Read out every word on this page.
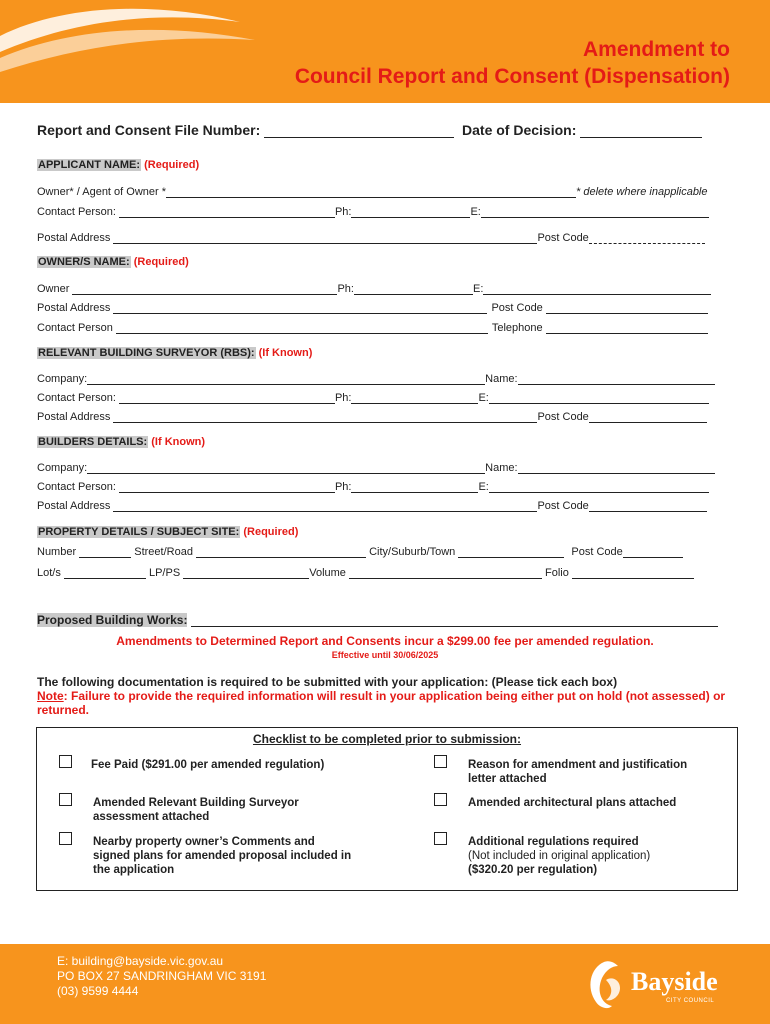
Amendment to
Council Report and Consent (Dispensation)
Report and Consent File Number:	Date of Decision:
APPLICANT NAME: (Required)
Owner* / Agent of Owner *	* delete where inapplicable
Contact Person:	Ph:	E:
Postal Address	Post Code
OWNER/S NAME: (Required)
Owner	Ph:	E:
Postal Address	Post Code
Contact Person	Telephone
RELEVANT BUILDING SURVEYOR (RBS): (If Known)
Company:	Name:
Contact Person:	Ph:	E:
Postal Address	Post Code
BUILDERS DETAILS: (If Known)
Company:	Name:
Contact Person:	Ph:	E:
Postal Address	Post Code
PROPERTY DETAILS / SUBJECT SITE: (Required)
Number	Street/Road	City/Suburb/Town	Post Code
Lot/s	LP/PS	Volume	Folio
Proposed Building Works:
Amendments to Determined Report and Consents incur a $299.00 fee per amended regulation.
Effective until 30/06/2025
The following documentation is required to be submitted with your application: (Please tick each box)
Note: Failure to provide the required information will result in your application being either put on hold (not assessed) or returned.
Checklist to be completed prior to submission:
Fee Paid ($291.00 per amended regulation)	Reason for amendment and justification
letter attached
Amended Relevant Building Surveyor
assessment attached
Amended architectural plans attached
Nearby property owner’s Comments and
signed plans for amended proposal included in
the application
Additional regulations required
(Not included in original application)
($320.20 per regulation)
E: building@bayside.vic.gov.au
PO BOX 27 SANDRINGHAM VIC 3191
(03) 9599 4444	Bayside
CITY COUNCIL
